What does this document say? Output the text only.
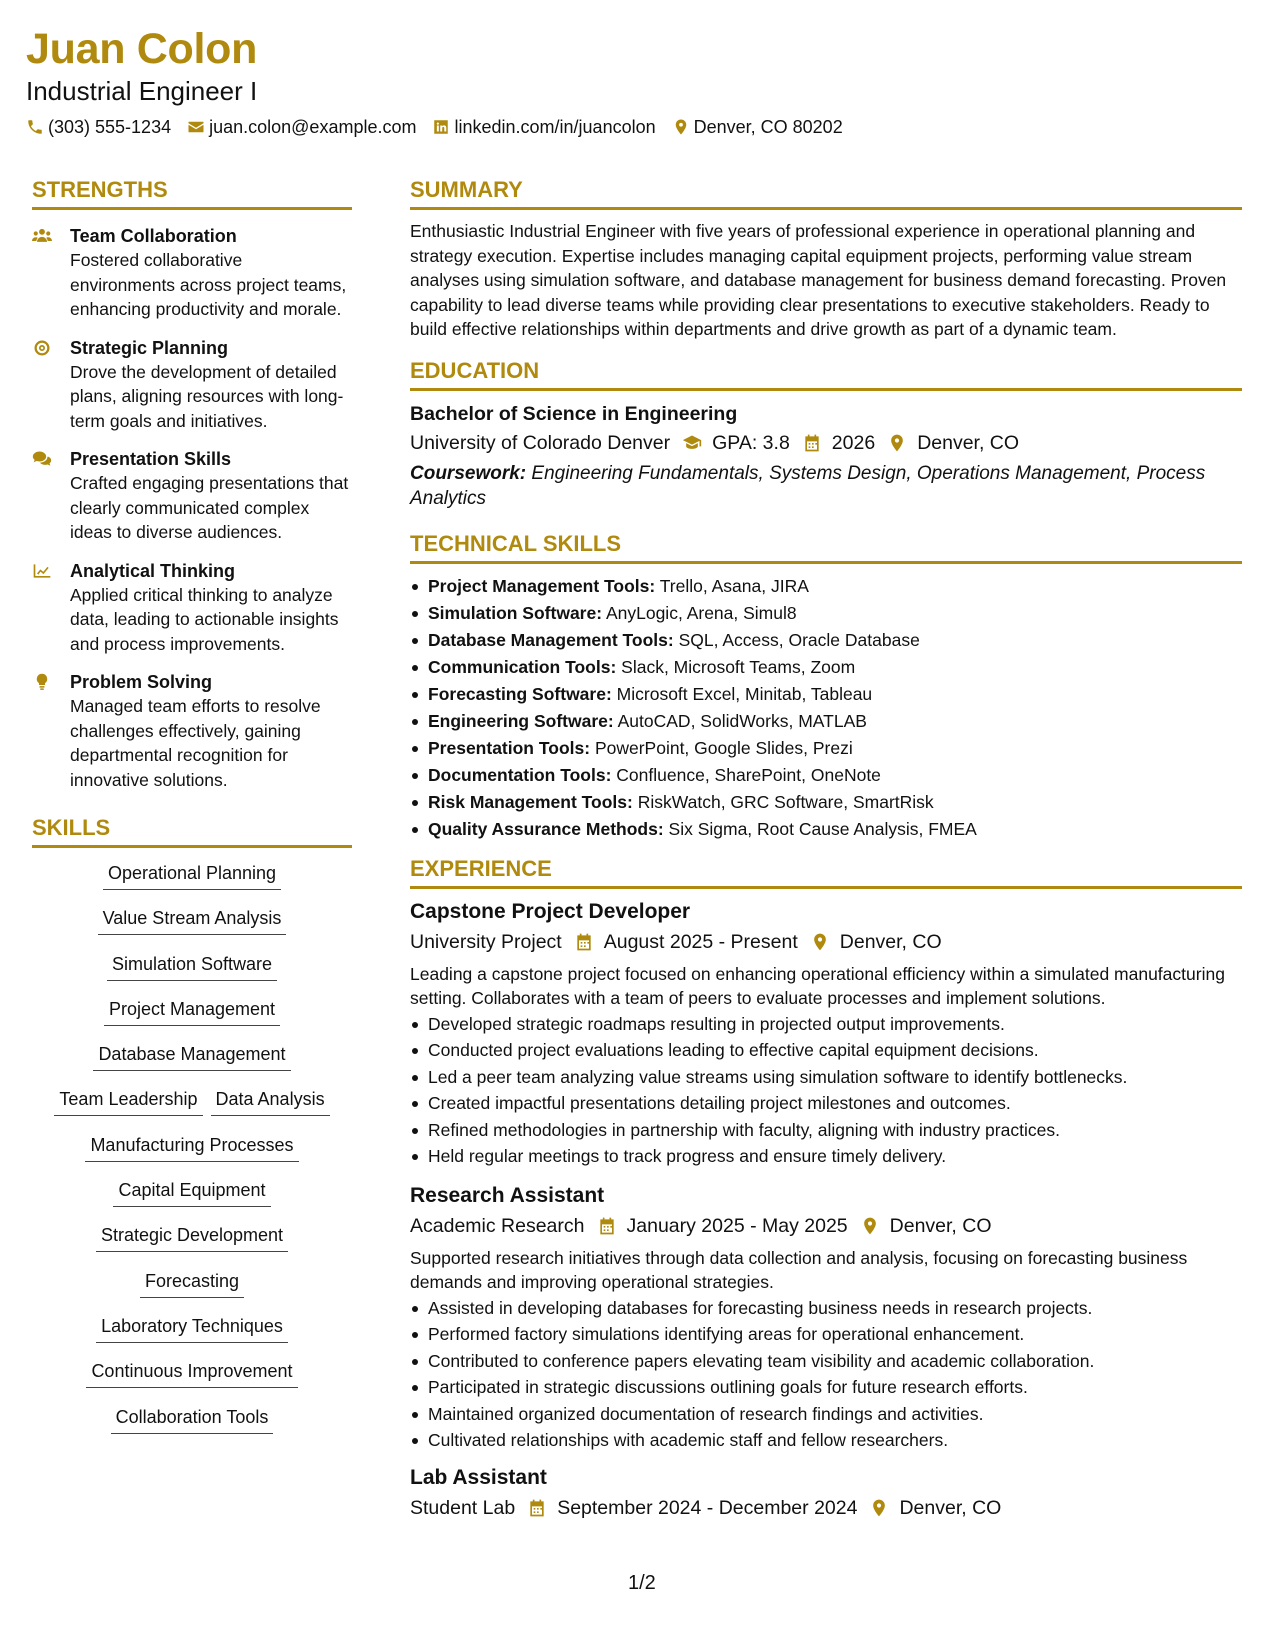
Juan Colon
Industrial Engineer I
(303) 555-1234 juan.colon@example.com linkedin.com/in/juancolon Denver, CO 80202
STRENGTHS
Team Collaboration
Fostered collaborative environments across project teams, enhancing productivity and morale.
Strategic Planning
Drove the development of detailed plans, aligning resources with long-term goals and initiatives.
Presentation Skills
Crafted engaging presentations that clearly communicated complex ideas to diverse audiences.
Analytical Thinking
Applied critical thinking to analyze data, leading to actionable insights and process improvements.
Problem Solving
Managed team efforts to resolve challenges effectively, gaining departmental recognition for innovative solutions.
SKILLS
Operational Planning
Value Stream Analysis
Simulation Software
Project Management
Database Management
Team Leadership Data Analysis
Manufacturing Processes
Capital Equipment
Strategic Development
Forecasting
Laboratory Techniques
Continuous Improvement
Collaboration Tools
SUMMARY
Enthusiastic Industrial Engineer with five years of professional experience in operational planning and strategy execution. Expertise includes managing capital equipment projects, performing value stream analyses using simulation software, and database management for business demand forecasting. Proven capability to lead diverse teams while providing clear presentations to executive stakeholders. Ready to build effective relationships within departments and drive growth as part of a dynamic team.
EDUCATION
Bachelor of Science in Engineering
University of Colorado Denver GPA: 3.8 2026 Denver, CO
Coursework: Engineering Fundamentals, Systems Design, Operations Management, Process Analytics
TECHNICAL SKILLS
Project Management Tools: Trello, Asana, JIRA
Simulation Software: AnyLogic, Arena, Simul8
Database Management Tools: SQL, Access, Oracle Database
Communication Tools: Slack, Microsoft Teams, Zoom
Forecasting Software: Microsoft Excel, Minitab, Tableau
Engineering Software: AutoCAD, SolidWorks, MATLAB
Presentation Tools: PowerPoint, Google Slides, Prezi
Documentation Tools: Confluence, SharePoint, OneNote
Risk Management Tools: RiskWatch, GRC Software, SmartRisk
Quality Assurance Methods: Six Sigma, Root Cause Analysis, FMEA
EXPERIENCE
Capstone Project Developer
University Project August 2025 - Present Denver, CO
Leading a capstone project focused on enhancing operational efficiency within a simulated manufacturing setting. Collaborates with a team of peers to evaluate processes and implement solutions.
Developed strategic roadmaps resulting in projected output improvements.
Conducted project evaluations leading to effective capital equipment decisions.
Led a peer team analyzing value streams using simulation software to identify bottlenecks.
Created impactful presentations detailing project milestones and outcomes.
Refined methodologies in partnership with faculty, aligning with industry practices.
Held regular meetings to track progress and ensure timely delivery.
Research Assistant
Academic Research January 2025 - May 2025 Denver, CO
Supported research initiatives through data collection and analysis, focusing on forecasting business demands and improving operational strategies.
Assisted in developing databases for forecasting business needs in research projects.
Performed factory simulations identifying areas for operational enhancement.
Contributed to conference papers elevating team visibility and academic collaboration.
Participated in strategic discussions outlining goals for future research efforts.
Maintained organized documentation of research findings and activities.
Cultivated relationships with academic staff and fellow researchers.
Lab Assistant
Student Lab September 2024 - December 2024 Denver, CO
1/2
